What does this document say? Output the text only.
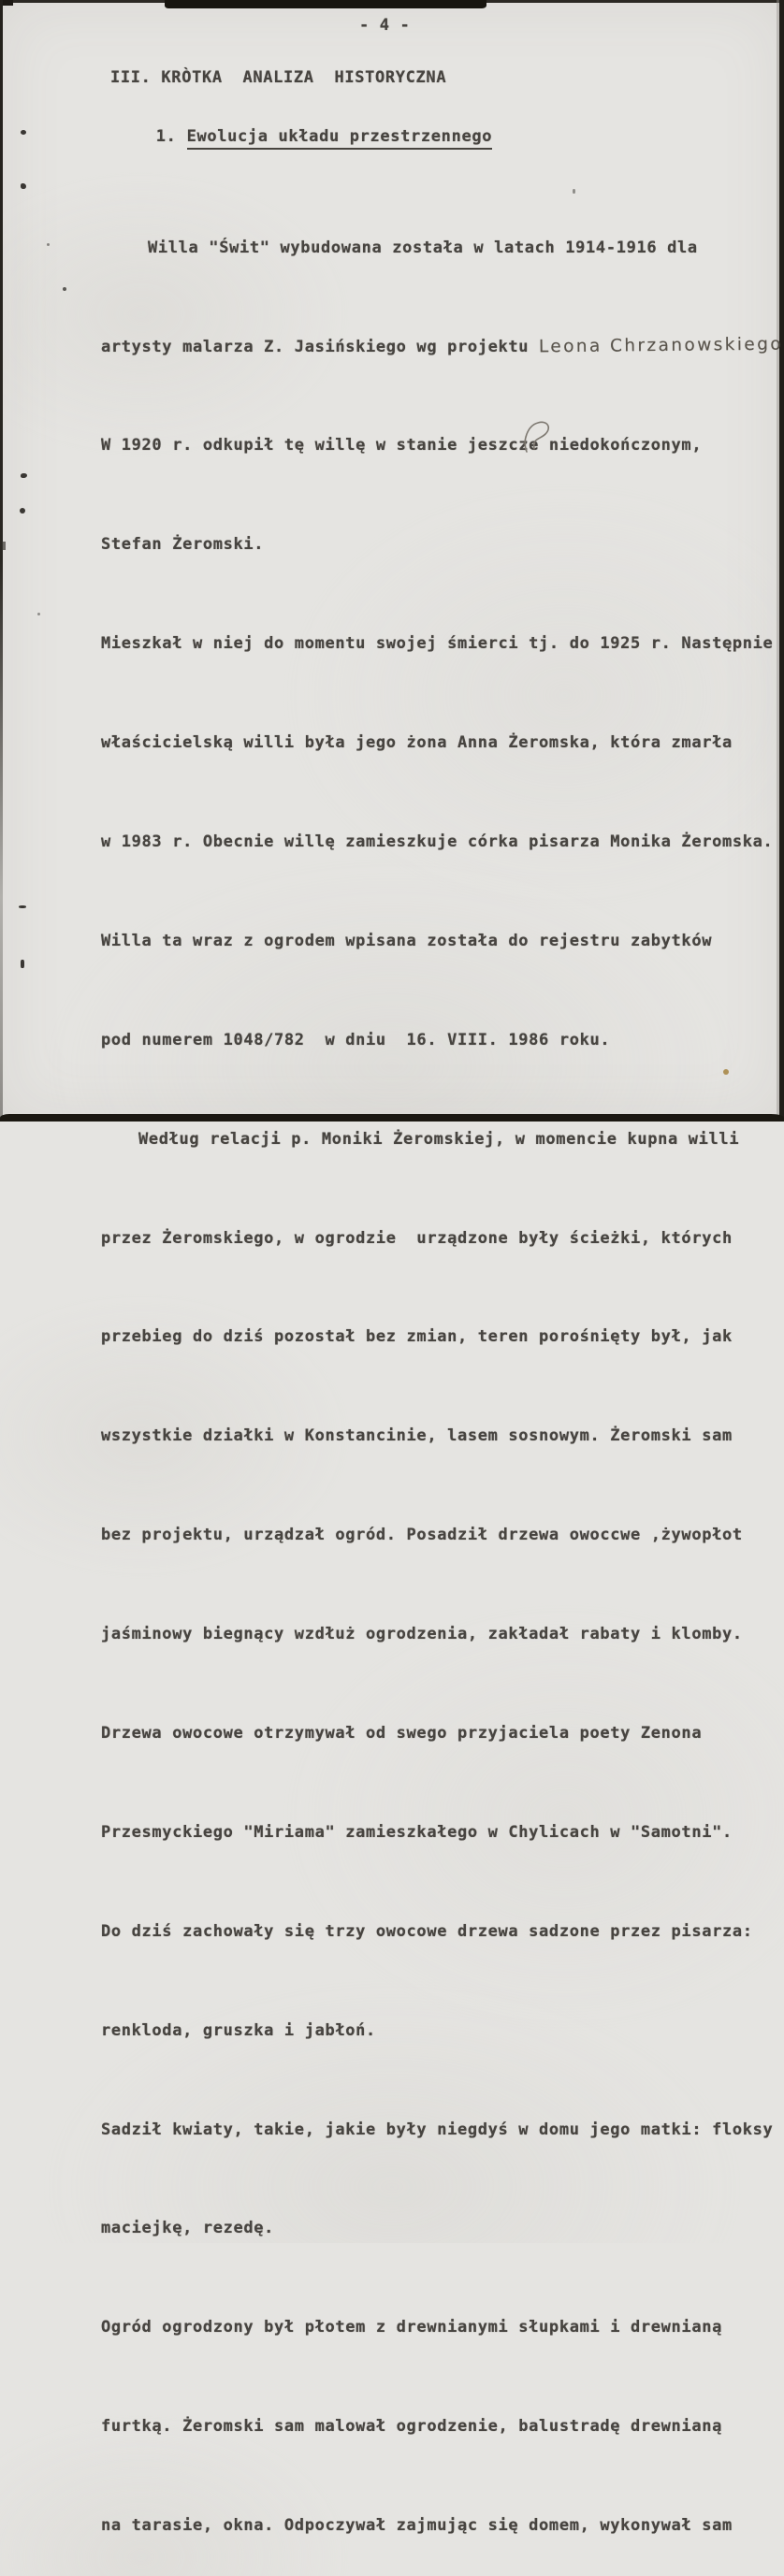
- 4 -
III. KRÒTKA  ANALIZA  HISTORYCZNA

1. Ewolucja układu przestrzennego

Willa "Świt" wybudowana została w latach 1914-1916 dla

artysty malarza Z. Jasińskiego wg projektu Leona Chrzanowskiego

W 1920 r. odkupił tę willę w stanie jeszcze niedokończonym,

Stefan Żeromski.

Mieszkał w niej do momentu swojej śmierci tj. do 1925 r. Następnie

właścicielską willi była jego żona Anna Żeromska, która zmarła

w 1983 r. Obecnie willę zamieszkuje córka pisarza Monika Żeromska.

Willa ta wraz z ogrodem wpisana została do rejestru zabytków

pod numerem 1048/782  w dniu  16. VIII. 1986 roku.

Według relacji p. Moniki Żeromskiej, w momencie kupna willi

przez Żeromskiego, w ogrodzie  urządzone były ścieżki, których

przebieg do dziś pozostał bez zmian, teren porośnięty był, jak

wszystkie działki w Konstancinie, lasem sosnowym. Żeromski sam

bez projektu, urządzał ogród. Posadził drzewa owoccwe ,żywopłot

jaśminowy biegnący wzdłuż ogrodzenia, zakładał rabaty i klomby.

Drzewa owocowe otrzymywał od swego przyjaciela poety Zenona

Przesmyckiego "Miriama" zamieszkałego w Chylicach w "Samotni".

Do dziś zachowały się trzy owocowe drzewa sadzone przez pisarza:

renkloda, gruszka i jabłoń.

Sadził kwiaty, takie, jakie były niegdyś w domu jego matki: floksy

maciejkę, rezedę.

Ogród ogrodzony był płotem z drewnianymi słupkami i drewnianą

furtką. Żeromski sam malował ogrodzenie, balustradę drewnianą

na tarasie, okna. Odpoczywał zajmując się domem, wykonywał sam
